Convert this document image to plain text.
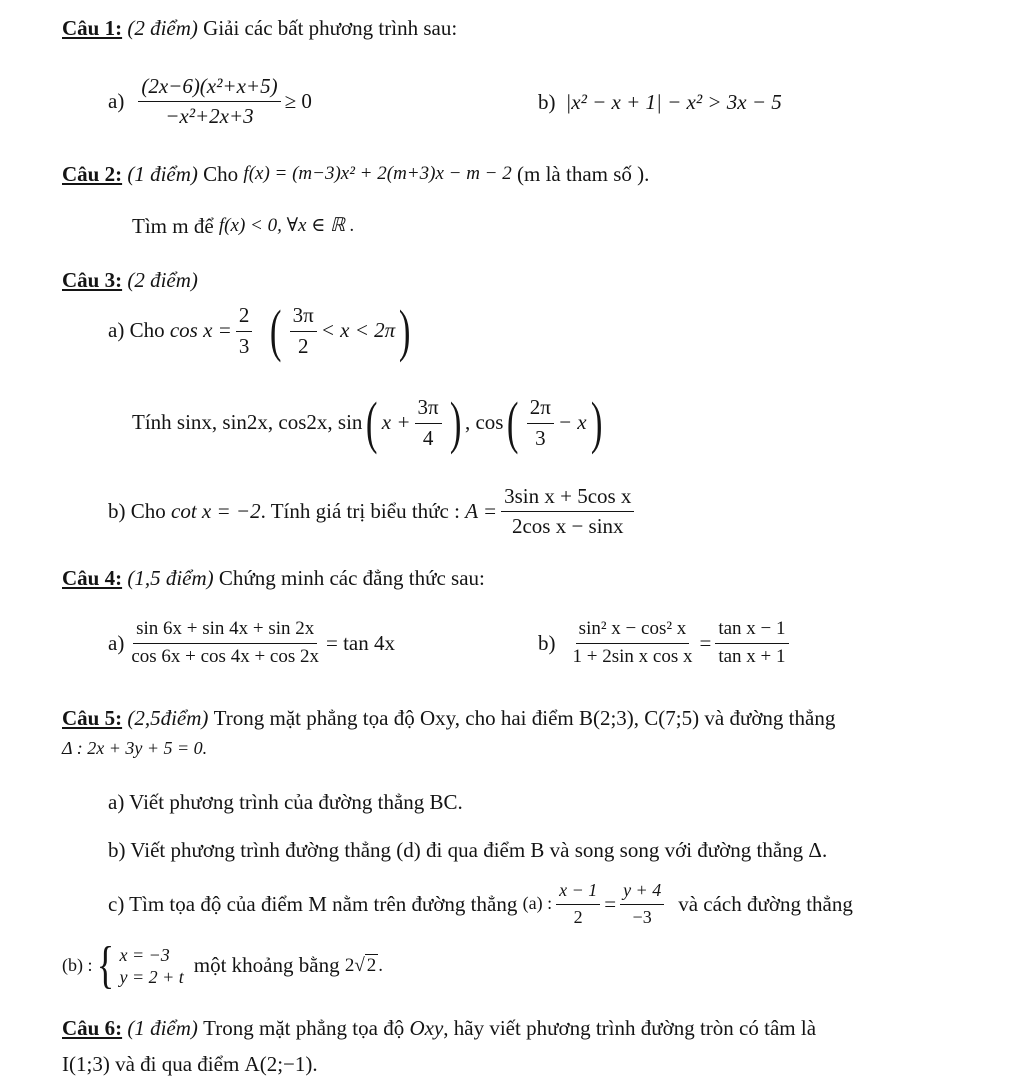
Câu 1:
(2 điểm)
Giải các bất phương trình sau:
$a) \frac{\text{(2x−6)(x²+x+5)}}{\text{−x²+2x+3}} \ge 0$	b) |x² − x + 1| − x² > 3x − 5
Câu 2:
(1 điểm)
Cho
f(x) = (m−3)x² + 2(m+3)x − m − 2
(m là tham số ).
Tìm m để
f(x) < 0, ∀x ∈ ℝ .
Câu 3:
(2 điểm)
a) Cho
$\cos x = \frac{2}{3}$ ( $\frac{3\pi}{2} < x < 2\pi$ )
Tính sinx, sin2x, cos2x,
sin ( $x + \frac{3\pi}{4}$ ) , cos ( $\frac{2\pi}{3} - x$ )
b) Cho
cot x = −2 . Tính giá trị biểu thức :
$A = \frac{\text{3sin x + 5cos x}}{\text{2cos x − sinx}}$
Câu 4:
(1,5 điểm)
Chứng minh các đẳng thức sau:
$a) \frac{\sin 6x + \sin 4x + \sin 2x}{\cos 6x + \cos 4x + \cos 2x} = \tan 4x$	$b) \frac{\text{sin² x − cos² x}}{\text{1 + 2sin x cos x}} = \frac{\text{tan x − 1}}{\text{tan x + 1}}$
Câu 5:
(2,5điểm)
Trong mặt phẳng tọa độ Oxy, cho hai điểm B(2;3), C(7;5) và đường thẳng
Δ : 2x + 3y + 5 = 0.
a) Viết phương trình của đường thẳng BC.
b) Viết phương trình đường thẳng (d) đi qua điểm B và song song với đường thẳng Δ.
c) Tìm tọa độ của điểm M nằm trên đường thẳng
(a) : $\frac{x - 1}{2} = \frac{y + 4}{-3}$ và cách đường thẳng
(b) : { x = −3
y = 2 + t một khoảng bằng
2√ 2 .
Câu 6:
(1 điểm)
Trong mặt phẳng tọa độ
Oxy , hãy viết phương trình đường tròn có tâm là
I(1;3)
và đi qua điểm
A(2;−1).
